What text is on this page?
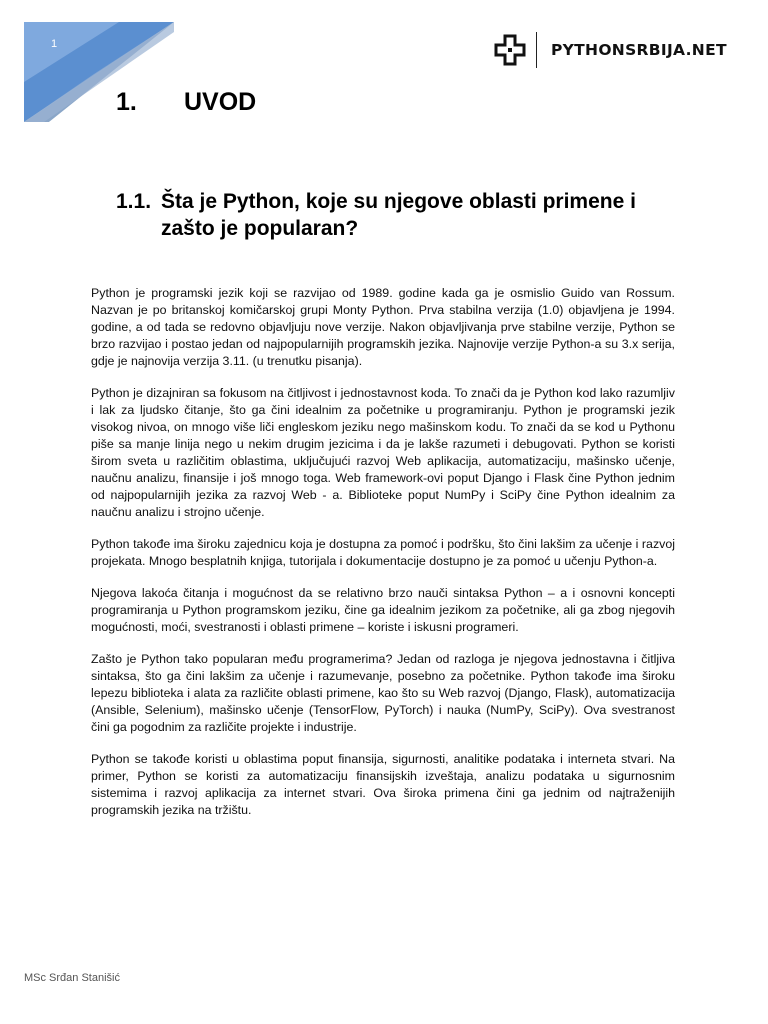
1	PYTHONSRBIJA.NET
1.	UVOD
1.1. Šta je Python, koje su njegove oblasti primene i
zašto je popularan?

Python je programski jezik koji se razvijao od 1989. godine kada ga je osmislio Guido van Rossum. Nazvan je po britanskoj komičarskoj grupi Monty Python. Prva stabilna verzija (1.0) objavljena je 1994. godine, a od tada se redovno objavljuju nove verzije. Nakon objavljivanja prve stabilne verzije, Python se brzo razvijao i postao jedan od najpopularnijih programskih jezika. Najnovije verzije Python-a su 3.x serija, gdje je najnovija verzija 3.11. (u trenutku pisanja).

Python je dizajniran sa fokusom na čitljivost i jednostavnost koda. To znači da je Python kod lako razumljiv i lak za ljudsko čitanje, što ga čini idealnim za početnike u programiranju. Python je programski jezik visokog nivoa, on mnogo više liči engleskom jeziku nego mašinskom kodu. To znači da se kod u Pythonu piše sa manje linija nego u nekim drugim jezicima i da je lakše razumeti i debugovati. Python se koristi širom sveta u različitim oblastima, uključujući razvoj Web aplikacija, automatizaciju, mašinsko učenje, naučnu analizu, finansije i još mnogo toga. Web framework-ovi poput Django i Flask čine Python jednim od najpopularnijih jezika za razvoj Web - a. Biblioteke poput NumPy i SciPy čine Python idealnim za naučnu analizu i strojno učenje.

Python takođe ima široku zajednicu koja je dostupna za pomoć i podršku, što čini lakšim za učenje i razvoj projekata. Mnogo besplatnih knjiga, tutorijala i dokumentacije dostupno je za pomoć u učenju Python-a.

Njegova lakoća čitanja i mogućnost da se relativno brzo nauči sintaksa Python – a i osnovni koncepti programiranja u Python programskom jeziku, čine ga idealnim jezikom za početnike, ali ga zbog njegovih mogućnosti, moći, svestranosti i oblasti primene – koriste i iskusni programeri.

Zašto je Python tako popularan među programerima? Jedan od razloga je njegova jednostavna i čitljiva sintaksa, što ga čini lakšim za učenje i razumevanje, posebno za početnike. Python takođe ima široku lepezu biblioteka i alata za različite oblasti primene, kao što su Web razvoj (Django, Flask), automatizacija (Ansible, Selenium), mašinsko učenje (TensorFlow, PyTorch) i nauka (NumPy, SciPy). Ova svestranost čini ga pogodnim za različite projekte i industrije.

Python se takođe koristi u oblastima poput finansija, sigurnosti, analitike podataka i interneta stvari. Na primer, Python se koristi za automatizaciju finansijskih izveštaja, analizu podataka u sigurnosnim sistemima i razvoj aplikacija za internet stvari. Ova široka primena čini ga jednim od najtraženijih programskih jezika na tržištu.

MSc Srđan Stanišić
